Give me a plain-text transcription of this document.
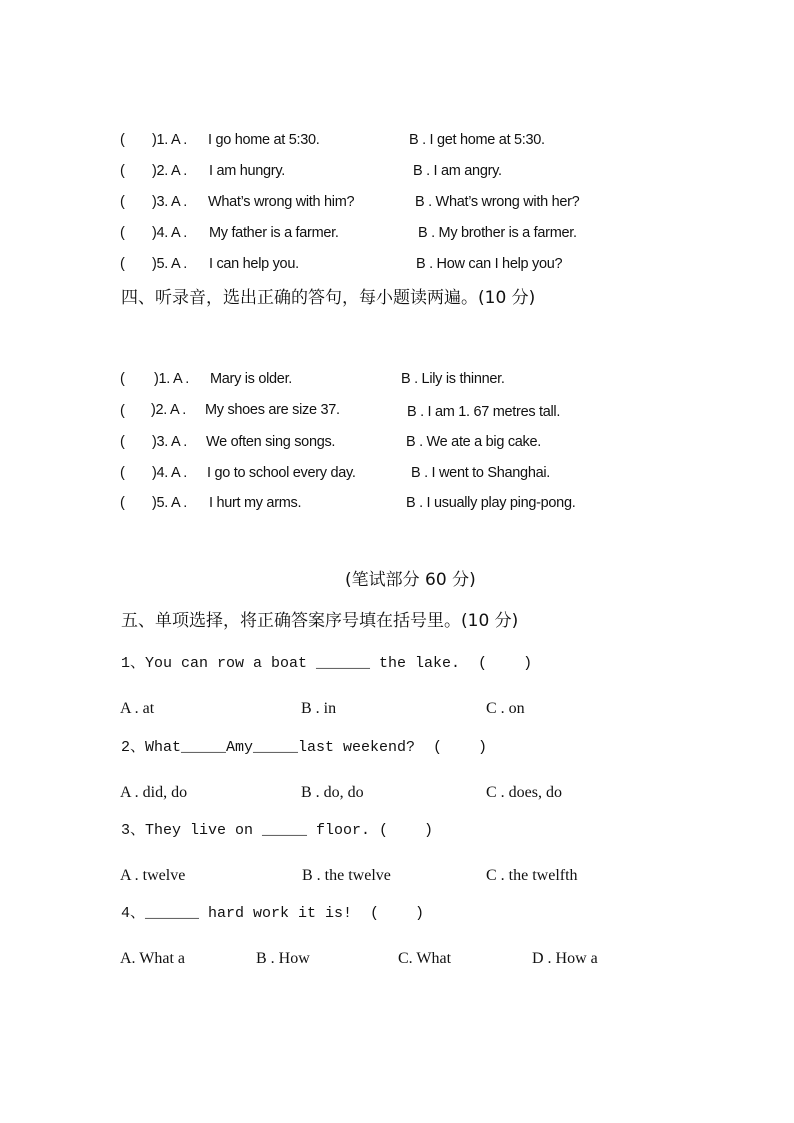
( )1. A . I go home at 5:30.	B . I get home at 5:30.
( )2. A . I am hungry.	B . I am angry.
( )3. A . What’s wrong with him?	B . What’s wrong with her?
( )4. A . My father is a farmer.	B . My brother is a farmer.
( )5. A . I can help you.	B . How can I help you?
四、听录音，选出正确的答句，每小题读两遍。(10 分)
( )1. A . Mary is older.	B . Lily is thinner.
( )2. A . My shoes are size 37.	B . I am 1. 67 metres tall.
( )3. A . We often sing songs.	B . We ate a big cake.
( )4. A . I go to school every day.	B . I went to Shanghai.
( )5. A . I hurt my arms.	B . I usually play ping-pong.
(笔试部分 60 分)
五、单项选择，将正确答案序号填在括号里。(10 分)
1、You can row a boat ______ the lake.  (    )
A . at	B . in	C . on
2、What_____Amy_____last weekend?  (    )
A . did, do	B . do, do	C . does, do
3、They live on _____ floor. (    )
A . twelve	B . the twelve	C . the twelfth
4、______ hard work it is!  (    )
A. What a	B . How	C. What	D . How a
